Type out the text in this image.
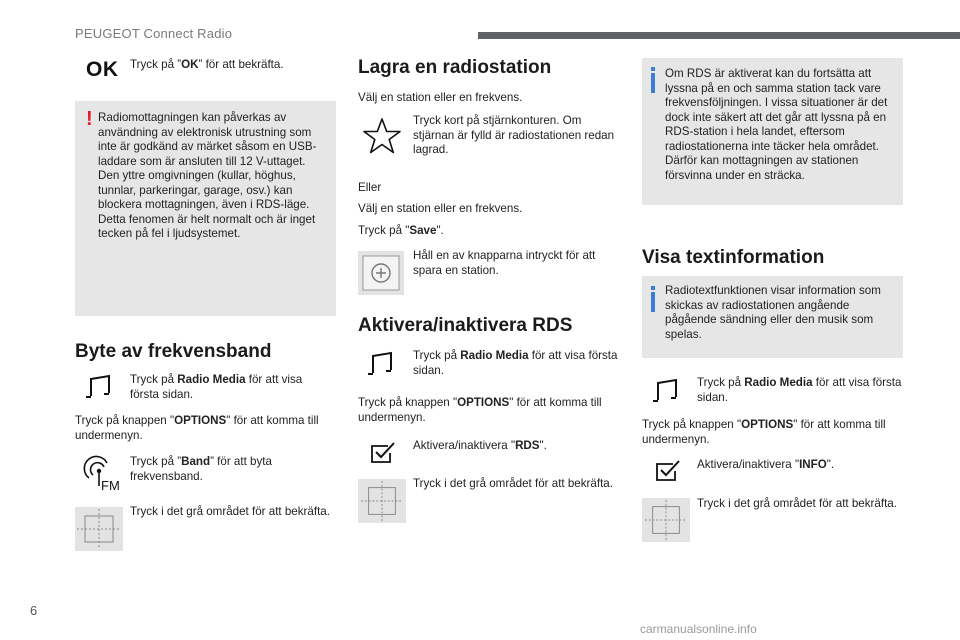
PEUGEOT Connect Radio
OK Tryck på ”OK” för att bekräfta.
! Radiomottagningen kan påverkas av användning av elektronisk utrustning som inte är godkänd av märket såsom en USB-laddare som är ansluten till 12 V-uttaget.
Den yttre omgivningen (kullar, höghus, tunnlar, parkeringar, garage, osv.) kan blockera mottagningen, även i RDS-läge.
Detta fenomen är helt normalt och är inget tecken på fel i ljudsystemet.
Byte av frekvensband
Tryck på Radio Media för att visa första sidan.
Tryck på knappen "OPTIONS" för att komma till undermenyn.
FM
Tryck på ”Band” för att byta frekvensband.
Tryck i det grå området för att bekräfta.
Lagra en radiostation
Välj en station eller en frekvens.
Tryck kort på stjärnkonturen. Om stjärnan är fylld är radiostationen redan lagrad.
Eller
Välj en station eller en frekvens.
Tryck på "Save".
Håll en av knapparna intryckt för att spara en station.
Aktivera/inaktivera RDS
Tryck på Radio Media för att visa första sidan.
Tryck på knappen "OPTIONS" för att komma till undermenyn.
Aktivera/inaktivera "RDS".
Tryck i det grå området för att bekräfta.
Om RDS är aktiverat kan du fortsätta att lyssna på en och samma station tack vare frekvensföljningen. I vissa situationer är det dock inte säkert att det går att lyssna på en RDS-station i hela landet, eftersom radiostationerna inte täcker hela området. Därför kan mottagningen av stationen försvinna under en sträcka.
Visa textinformation
Radiotextfunktionen visar information som skickas av radiostationen angående pågående sändning eller den musik som spelas.
Tryck på Radio Media för att visa första sidan.
Tryck på knappen "OPTIONS" för att komma till undermenyn.
Aktivera/inaktivera "INFO".
Tryck i det grå området för att bekräfta.
6
carmanualsonline.info
